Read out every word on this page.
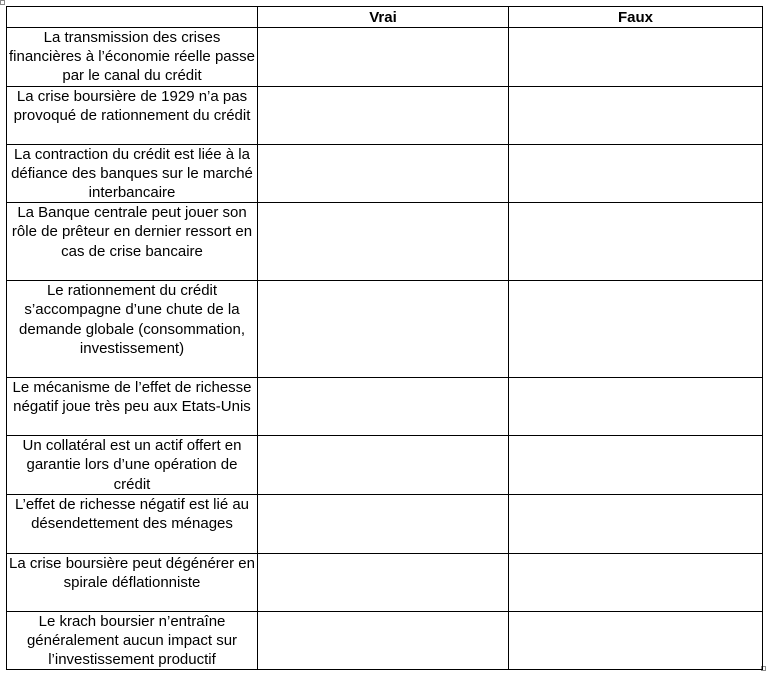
	Vrai	Faux
La transmission des crises financières à l’économie réelle passe par le canal du crédit		
La crise boursière de 1929 n’a pas provoqué de rationnement du crédit		
La contraction du crédit est liée à la défiance des banques sur le marché interbancaire		
La Banque centrale peut jouer son rôle de prêteur en dernier ressort en cas de crise bancaire		
Le rationnement du crédit s’accompagne d’une chute de la demande globale (consommation, investissement)		
Le mécanisme de l’effet de richesse négatif joue très peu aux Etats-Unis		
Un collatéral est un actif offert en garantie lors d’une opération de crédit		
L’effet de richesse négatif est lié au désendettement des ménages		
La crise boursière peut dégénérer en spirale déflationniste		
Le krach boursier n’entraîne généralement aucun impact sur l’investissement productif		
